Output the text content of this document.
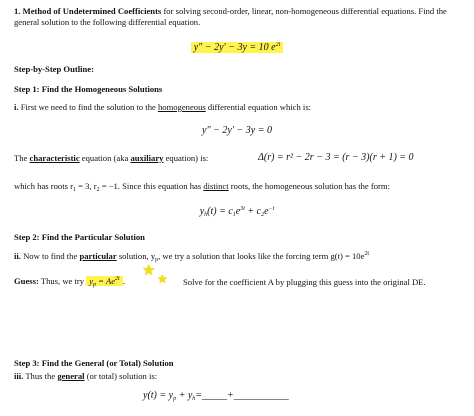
1. Method of Undetermined Coefficients for solving second-order, linear, non-homogeneous differential equations. Find the
general solution to the following differential equation.
y″ − 2y′ − 3y = 10 $e^{2t}$
Step-by-Step Outline:
Step 1: Find the Homogeneous Solutions
i. First we need to find the solution to the homogeneous differential equation which is:
y″ − 2y′ − 3y = 0
The characteristic equation (aka auxiliary equation) is:	Δ(r) = r² − 2r − 3 = (r − 3)(r + 1) = 0
which has roots $r_1 = 3$, $r_2 = -1$. Since this equation has distinct roots, the homogeneous solution has the form:
$y_h(t) = c_1e^{3t} + c_2e^{-t}$
Step 2: Find the Particular Solution
ii. Now to find the particular solution, $y_p$, we try a solution that looks like the forcing term $g(t) = 10e^{2t}$
Guess: Thus, we try $y_p = Ae^{2t}$ .
★ ★ Solve for the coefficient A by plugging this guess into the original DE.
Step 3: Find the General (or Total) Solution
iii. Thus the general (or total) solution is:
$y(t) = y_p$ + $y_h=\_\_\_\_\_+\_\_\_\_\_\_\_\_\_\_\_$
